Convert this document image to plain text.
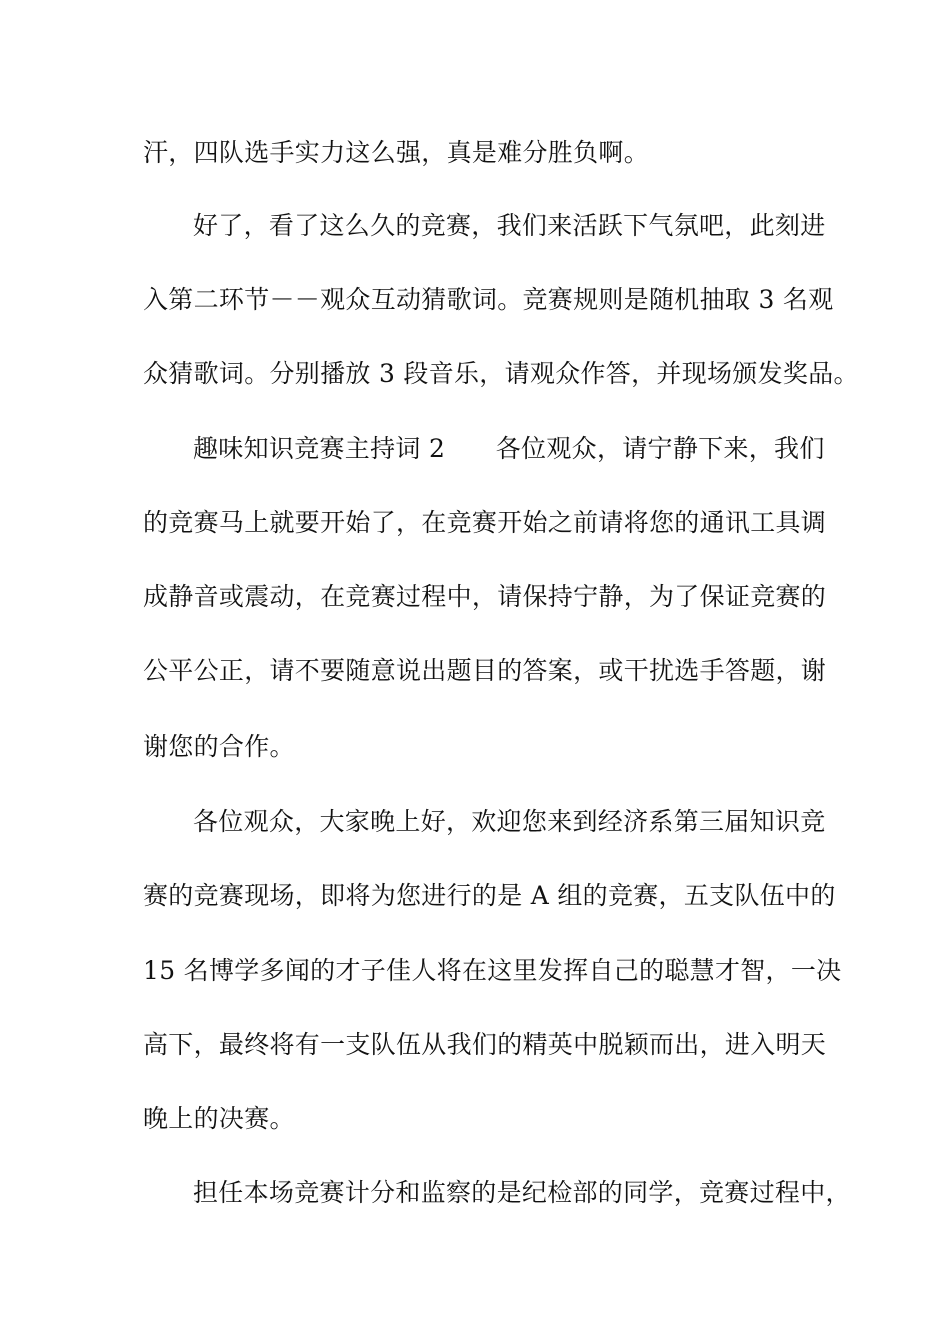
汗，四队选手实力这么强，真是难分胜负啊。
好了，看了这么久的竞赛，我们来活跃下气氛吧，此刻进
入第二环节－－观众互动猜歌词。竞赛规则是随机抽取 3 名观
众猜歌词。分别播放 3 段音乐，请观众作答，并现场颁发奖品。
趣味知识竞赛主持词 2　　各位观众，请宁静下来，我们
的竞赛马上就要开始了，在竞赛开始之前请将您的通讯工具调
成静音或震动，在竞赛过程中，请保持宁静，为了保证竞赛的
公平公正，请不要随意说出题目的答案，或干扰选手答题，谢
谢您的合作。
各位观众，大家晚上好，欢迎您来到经济系第三届知识竞
赛的竞赛现场，即将为您进行的是 A 组的竞赛，五支队伍中的
15 名博学多闻的才子佳人将在这里发挥自己的聪慧才智，一决
高下，最终将有一支队伍从我们的精英中脱颖而出，进入明天
晚上的决赛。
担任本场竞赛计分和监察的是纪检部的同学，竞赛过程中，
